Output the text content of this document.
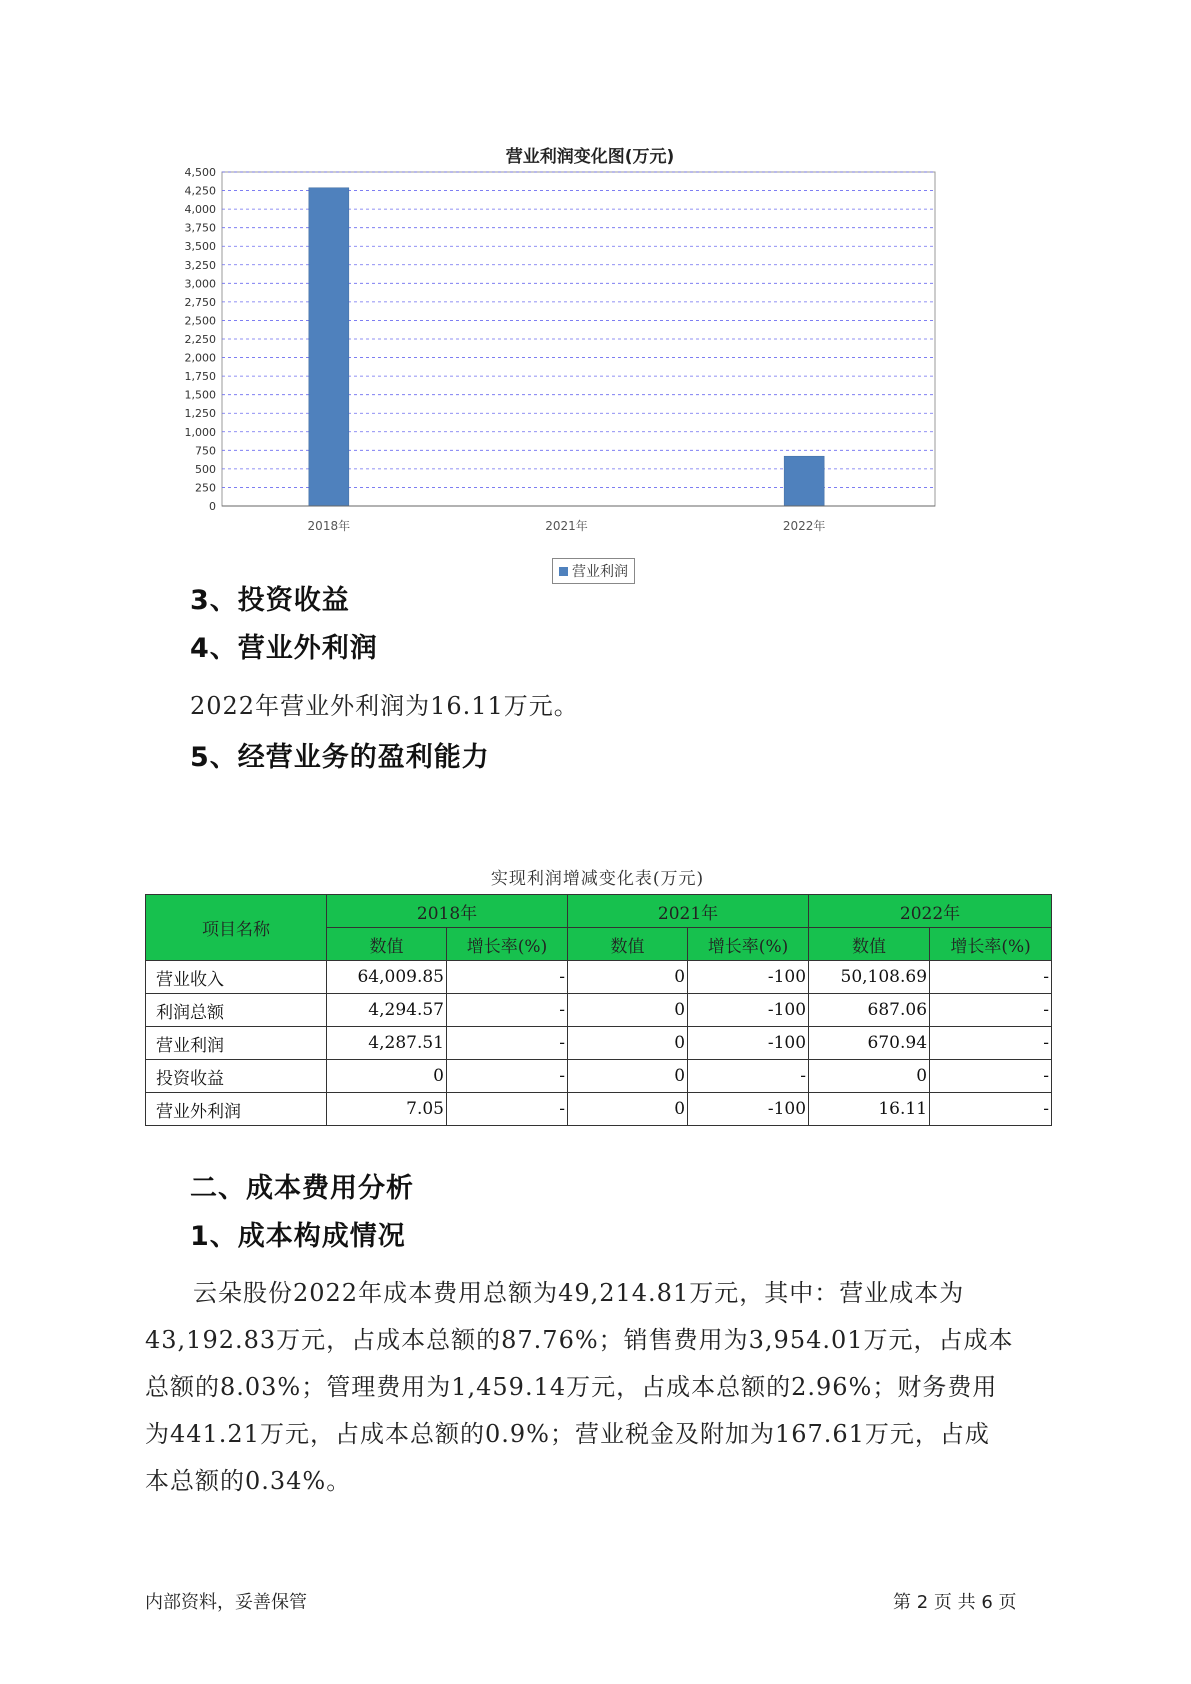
营业利润变化图(万元)
0
250
500
750
1,000
1,250
1,500
1,750
2,000
2,250
2,500
2,750
3,000
3,250
3,500
3,750
4,000
4,250
4,500
2018年	2021年	2022年
营业利润
3、投资收益
4、营业外利润
2022年营业外利润为16.11万元。
5、经营业务的盈利能力
实现利润增减变化表(万元)
项目名称	2018年		2021年		2022年	
	数值	增长率(%)	数值	增长率(%)	数值	增长率(%)
营业收入	64,009.85	-	0	-100	50,108.69	-
利润总额	4,294.57	-	0	-100	687.06	-
营业利润	4,287.51	-	0	-100	670.94	-
投资收益	0	-	0	-	0	-
营业外利润	7.05	-	0	-100	16.11	-
二、成本费用分析
1、成本构成情况
云朵股份2022年成本费用总额为49,214.81万元，其中：营业成本为
43,192.83万元，占成本总额的87.76%；销售费用为3,954.01万元，占成本
总额的8.03%；管理费用为1,459.14万元，占成本总额的2.96%；财务费用
为441.21万元，占成本总额的0.9%；营业税金及附加为167.61万元，占成
本总额的0.34%。
内部资料，妥善保管	第 2 页 共 6 页
